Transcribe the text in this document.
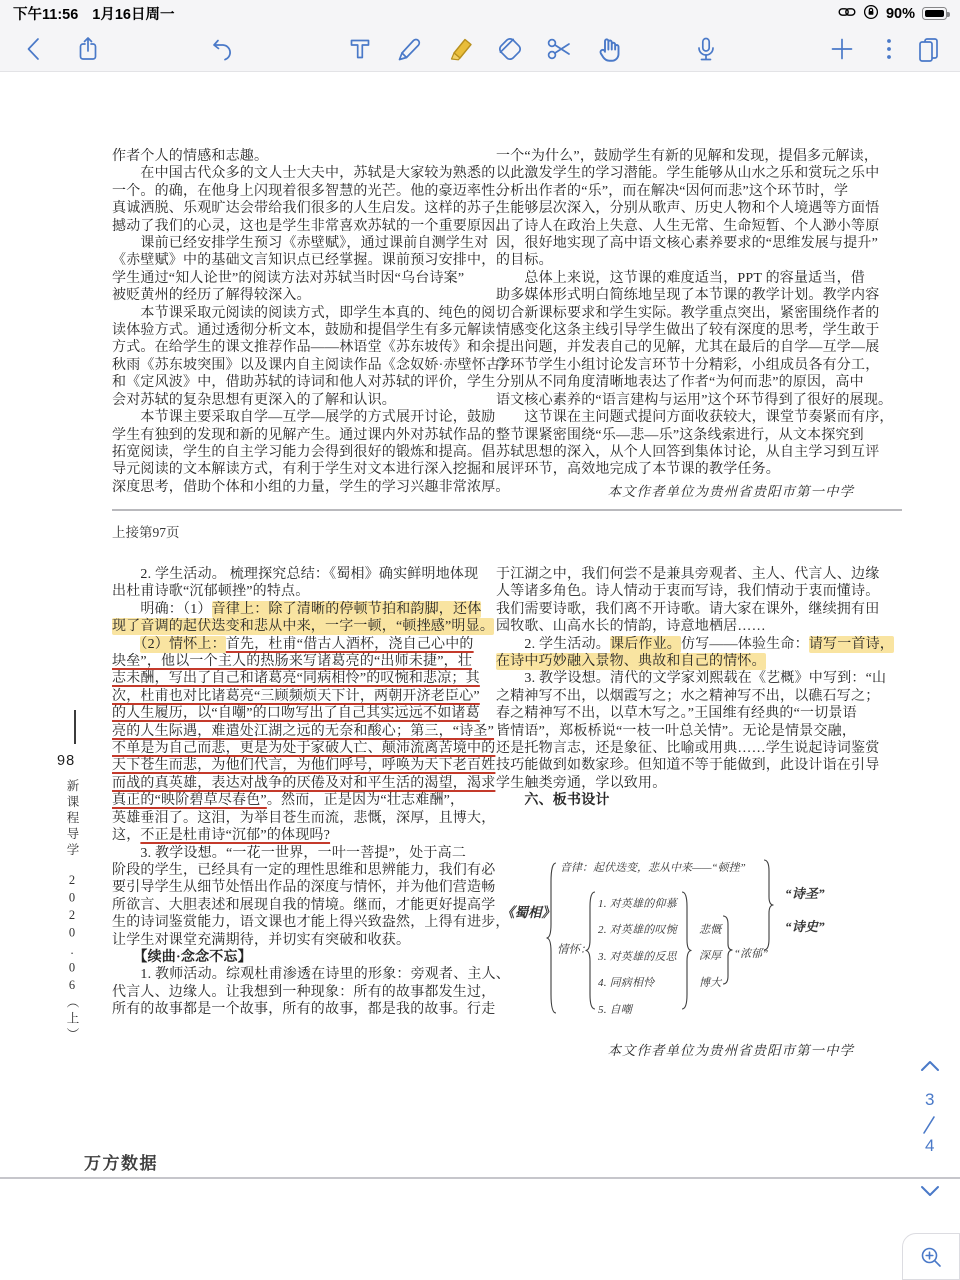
下午11:56 1月16日周一	90%
作者个人的情感和志趣。
　　在中国古代众多的文人士大夫中，苏轼是大家较为熟悉的
一个。的确，在他身上闪现着很多智慧的光芒。他的豪迈率性、
真诚洒脱、乐观旷达会带给我们很多的人生启发。这样的苏子，
撼动了我们的心灵，这也是学生非常喜欢苏轼的一个重要原因。
　　课前已经安排学生预习《赤壁赋》，通过课前自测学生对
《赤壁赋》中的基础文言知识点已经掌握。课前预习安排中，
学生通过“知人论世”的阅读方法对苏轼当时因“乌台诗案”
被贬黄州的经历了解得较深入。
　　本节课采取元阅读的阅读方式，即学生本真的、纯色的阅
读体验方式。通过透彻分析文本，鼓励和提倡学生有多元解读
方式。在给学生的课文推荐作品——林语堂《苏东坡传》和余
秋雨《苏东坡突围》以及课内自主阅读作品《念奴娇·赤壁怀古》
和《定风波》中，借助苏轼的诗词和他人对苏轼的评价，学生
会对苏轼的复杂思想有更深入的了解和认识。
　　本节课主要采取自学—互学—展学的方式展开讨论，鼓励
学生有独到的发现和新的见解产生。通过课内外对苏轼作品的
拓宽阅读，学生的自主学习能力会得到很好的锻炼和提高。倡
导元阅读的文本解读方式，有利于学生对文本进行深入挖掘和
深度思考，借助个体和小组的力量，学生的学习兴趣非常浓厚。
一个“为什么”，鼓励学生有新的见解和发现，提倡多元解读，
以此激发学生的学习潜能。学生能够从山水之乐和赏玩之乐中
分析出作者的“乐”，而在解决“因何而悲”这个环节时，学
生能够层次深入，分别从歌声、历史人物和个人境遇等方面悟
出了诗人在政治上失意、人生无常、生命短暂、个人渺小等原
因，很好地实现了高中语文核心素养要求的“思维发展与提升”
的目标。
　　总体上来说，这节课的难度适当，PPT 的容量适当，借
助多媒体形式明白简练地呈现了本节课的教学计划。教学内容
切合新课标要求和学生实际。教学重点突出，紧密围绕作者的
情感变化这条主线引导学生做出了较有深度的思考，学生敢于
提出问题，并发表自己的见解，尤其在最后的自学—互学—展
学环节学生小组讨论发言环节十分精彩，小组成员各有分工，
分别从不同角度清晰地表达了作者“为何而悲”的原因，高中
语文核心素养的“语言建构与运用”这个环节得到了很好的展现。
　　这节课在主问题式提问方面收获较大，课堂节奏紧而有序，
整节课紧密围绕“乐—悲—乐”这条线索进行，从文本探究到
苏轼思想的深入，从个人回答到集体讨论，从自主学习到互评
展评环节，高效地完成了本节课的教学任务。
本文作者单位为贵州省贵阳市第一中学
上接第97页
　　2. 学生活动。 梳理探究总结：《蜀相》确实鲜明地体现
出杜甫诗歌“沉郁顿挫”的特点。
　　明确：（1）音律上：除了清晰的停顿节拍和韵脚，还体
现了音调的起伏迭变和悲从中来，一字一顿，“顿挫感”明显。
　　（2）情怀上：首先，杜甫“借古人酒杯，浇自己心中的
块垒”，他以一个主人的热肠来写诸葛亮的“出师未捷”，壮
志未酬，写出了自己和诸葛亮“同病相怜”的叹惋和悲凉；其
次，杜甫也对比诸葛亮“三顾频烦天下计，两朝开济老臣心”
的人生履历，以“自嘲”的口吻写出了自己其实远远不如诸葛
亮的人生际遇，难遣处江湖之远的无奈和酸心；第三，“诗圣”
不单是为自己而悲，更是为处于家破人亡、颠沛流离苦境中的
天下苍生而悲，为他们代言，为他们呼号，呼唤为天下老百姓
而战的真英雄，表达对战争的厌倦及对和平生活的渴望，渴求
真正的“映阶碧草尽春色”。然而，正是因为“壮志难酬”，
英雄垂泪了。这泪，为举目苍生而流，悲慨，深厚，且博大，
这，不正是杜甫诗“沉郁”的体现吗?
　　3. 教学设想。“一花一世界，一叶一菩提”，处于高二
阶段的学生，已经具有一定的理性思维和思辨能力，我们有必
要引导学生从细节处悟出作品的深度与情怀，并为他们营造畅
所欲言、大胆表述和展现自我的情境。继而，才能更好提高学
生的诗词鉴赏能力，语文课也才能上得兴致盎然，上得有进步，
让学生对课堂充满期待，并切实有突破和收获。
　　【续曲·念念不忘】
　　1. 教师活动。综观杜甫渗透在诗里的形象：旁观者、主人、
代言人、边缘人。让我想到一种现象：所有的故事都发生过，
所有的故事都是一个故事，所有的故事，都是我的故事。行走
于江湖之中，我们何尝不是兼具旁观者、主人、代言人、边缘
人等诸多角色。诗人情动于衷而写诗，我们情动于衷而懂诗。
我们需要诗歌，我们离不开诗歌。请大家在课外，继续拥有田
园牧歌、山高水长的情韵，诗意地栖居……
　　2. 学生活动。课后作业。仿写——体验生命：请写一首诗，
在诗中巧妙融入景物、典故和自己的情怀。
　　3. 教学设想。清代的文学家刘熙载在《艺概》中写到：“山
之精神写不出，以烟霞写之；水之精神写不出，以礁石写之；
春之精神写不出，以草木写之。”王国维有经典的“一切景语
皆情语”，郑板桥说“一枝一叶总关情”。无论是情景交融，
还是托物言志，还是象征、比喻或用典……学生说起诗词鉴赏
技巧能做到如数家珍。但知道不等于能做到，此设计诣在引导
学生触类旁通，学以致用。
　　六、板书设计
《蜀相》
音律：起伏迭变，悲从中来——“顿挫”
情怀：
1. 对英雄的仰慕
2. 对英雄的叹惋
3. 对英雄的反思
4. 同病相怜
5. 自嘲
悲慨
深厚
博大
“浓郁”
“诗圣”
“诗史”
本文作者单位为贵州省贵阳市第一中学
98
新课程导学2020.06（上）
万方数据
3
4
